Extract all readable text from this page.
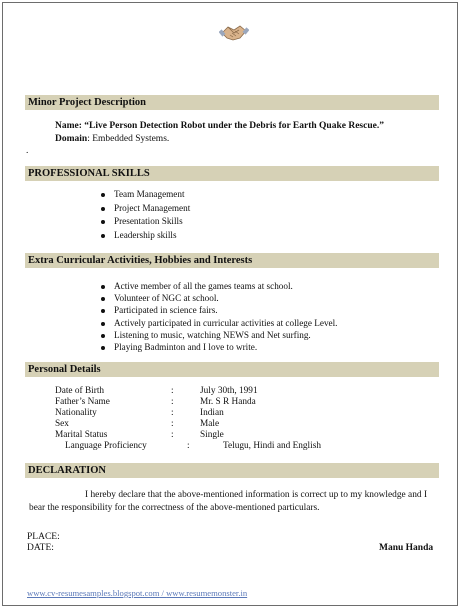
Minor Project Description
Name: “Live Person Detection Robot under the Debris for Earth Quake Rescue.”
Domain: Embedded Systems.
.
PROFESSIONAL SKILLS
Team Management
Project Management
Presentation Skills
Leadership skills
Extra Curricular Activities, Hobbies and Interests
Active member of all the games teams at school.
Volunteer of NGC at school.
Participated in science fairs.
Actively participated in curricular activities at college Level.
Listening to music, watching NEWS and Net surfing.
Playing Badminton and I love to write.
Personal Details
Date of Birth	:	July 30th, 1991
Father’s Name	:	Mr. S R Handa
Nationality	:	Indian
Sex	:	Male
Marital Status	:	Single
Language Proficiency	:	Telugu, Hindi and English
DECLARATION
I hereby declare that the above-mentioned information is correct up to my knowledge and I bear the responsibility for the correctness of the above-mentioned particulars.
PLACE:
DATE:	Manu Handa
www.cv-resumesamples.blogspot.com / www.resumemonster.in
